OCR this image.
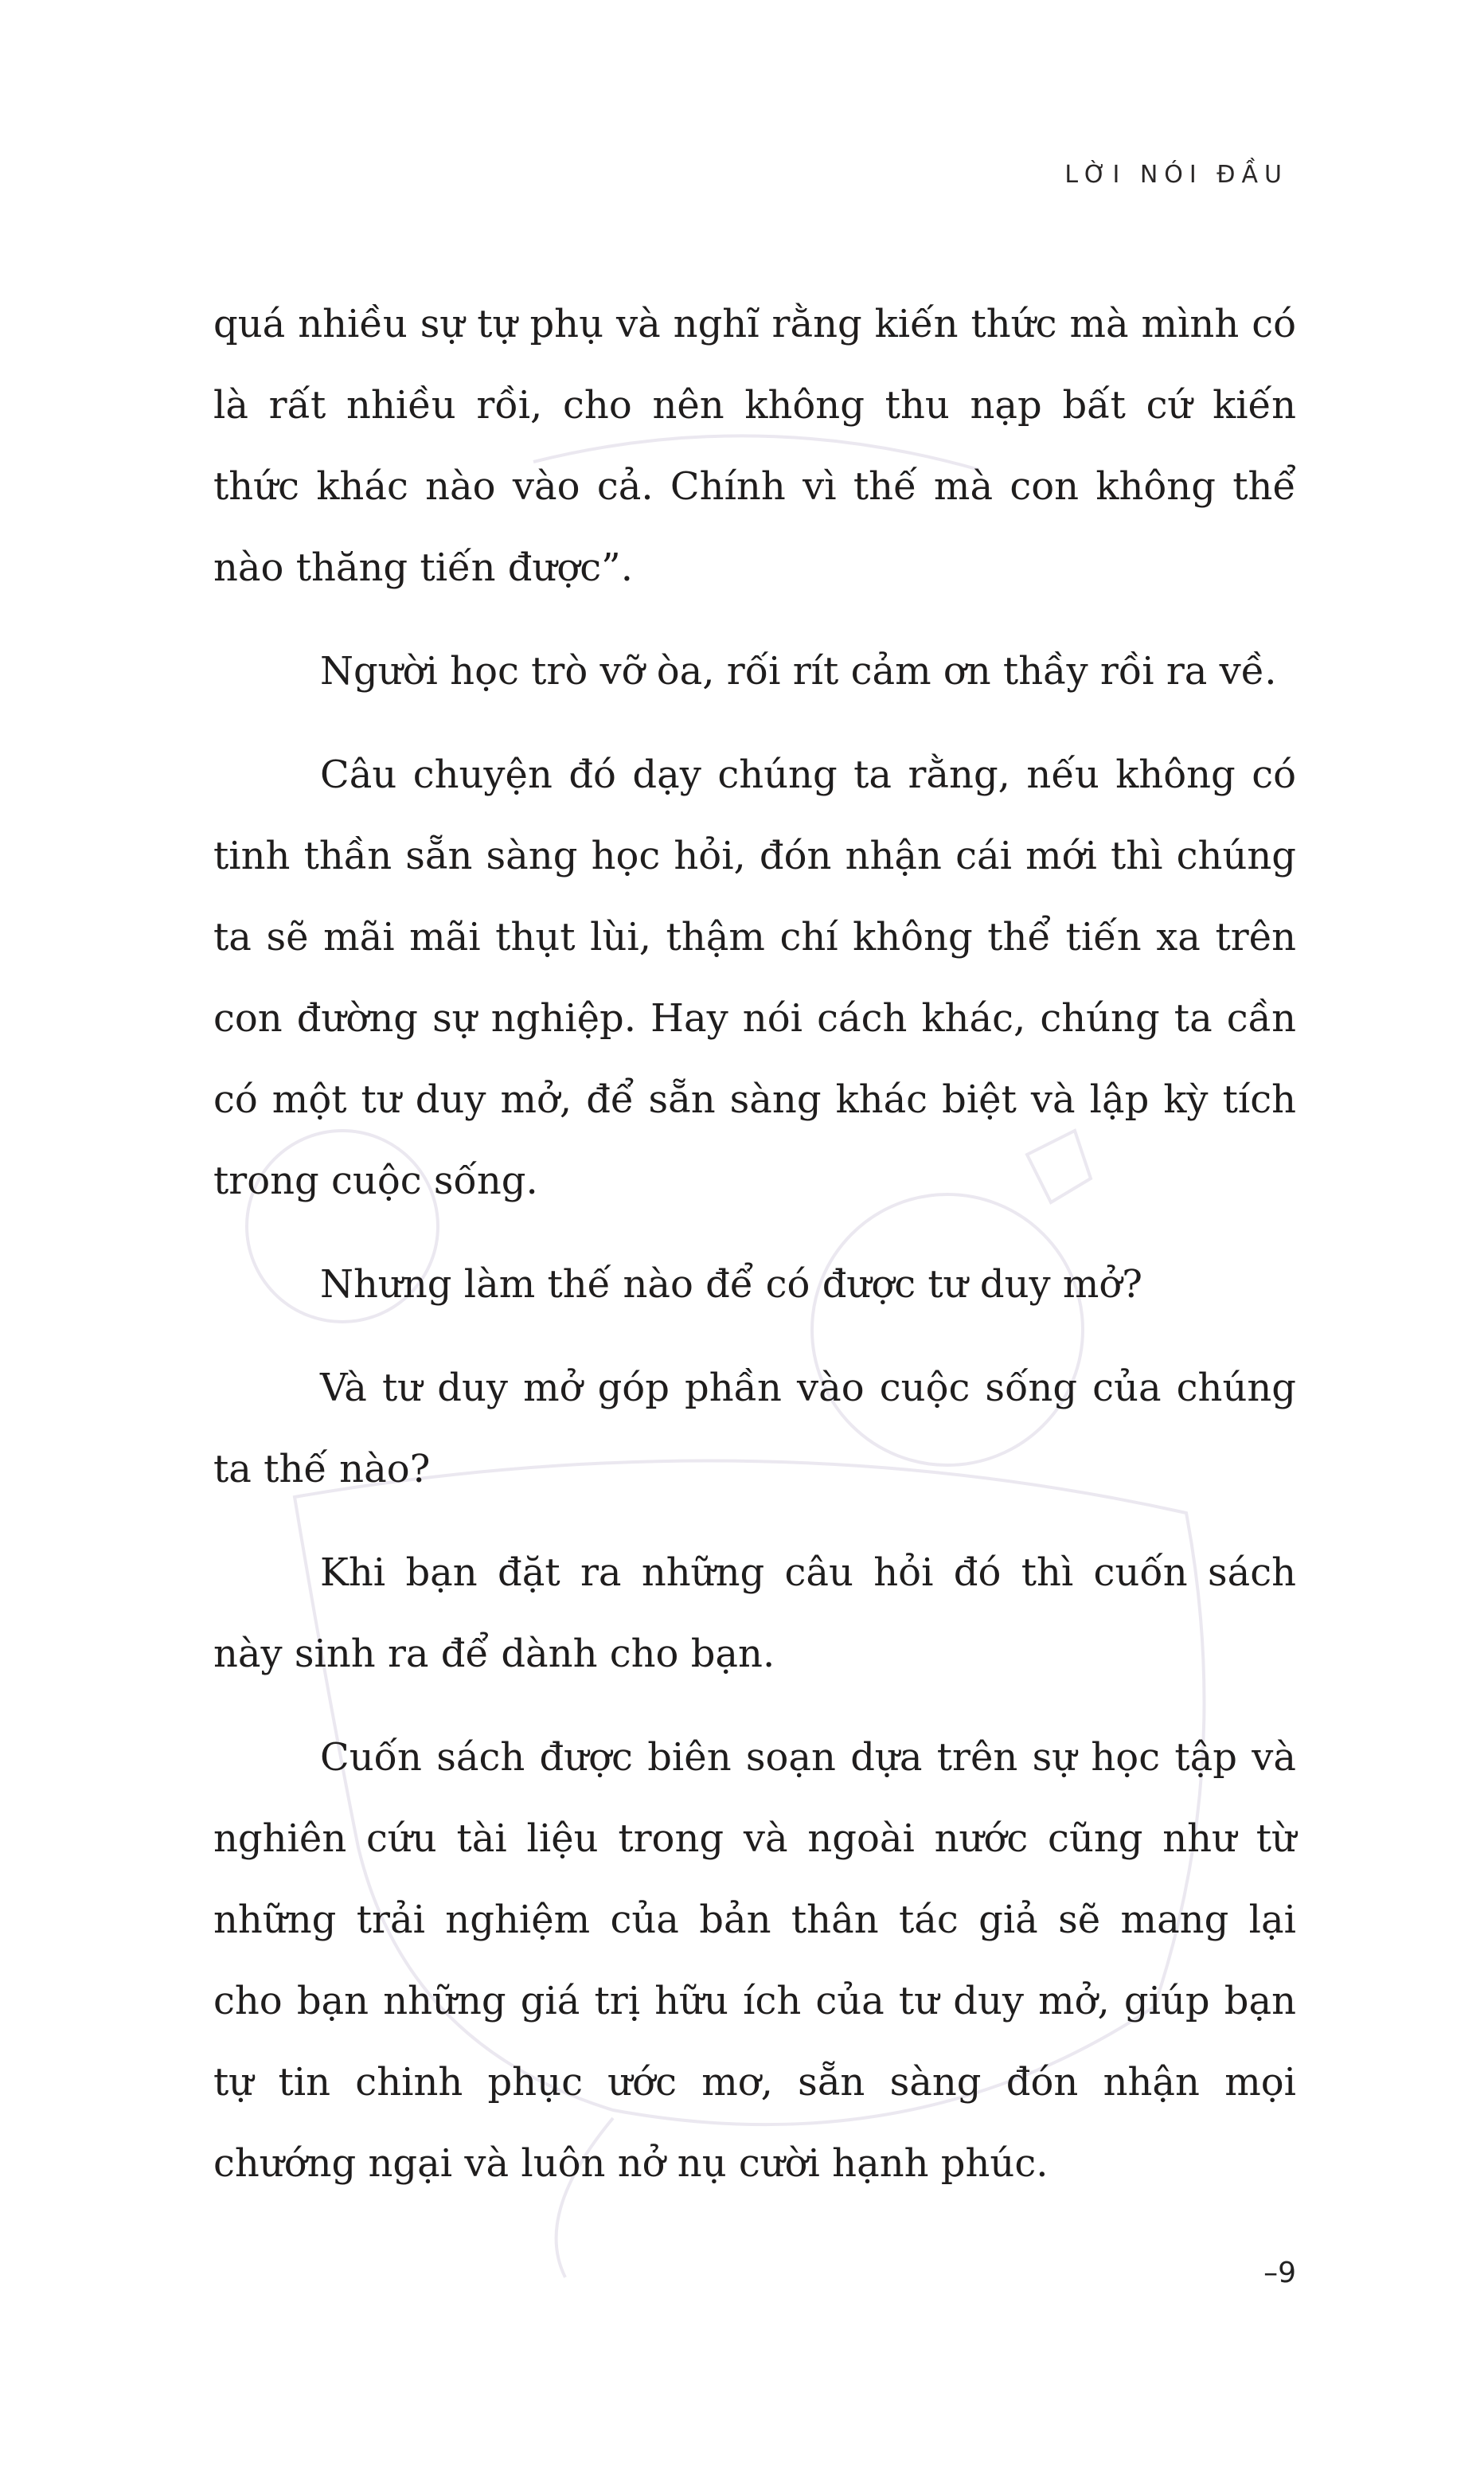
LỜI NÓI ĐẦU

quá nhiều sự tự phụ và nghĩ rằng kiến thức mà mình có là rất nhiều rồi, cho nên không thu nạp bất cứ kiến thức khác nào vào cả. Chính vì thế mà con không thể nào thăng tiến được”.

Người học trò vỡ òa, rối rít cảm ơn thầy rồi ra về.

Câu chuyện đó dạy chúng ta rằng, nếu không có tinh thần sẵn sàng học hỏi, đón nhận cái mới thì chúng ta sẽ mãi mãi thụt lùi, thậm chí không thể tiến xa trên con đường sự nghiệp. Hay nói cách khác, chúng ta cần có một tư duy mở, để sẵn sàng khác biệt và lập kỳ tích trong cuộc sống.

Nhưng làm thế nào để có được tư duy mở?

Và tư duy mở góp phần vào cuộc sống của chúng ta thế nào?

Khi bạn đặt ra những câu hỏi đó thì cuốn sách này sinh ra để dành cho bạn.

Cuốn sách được biên soạn dựa trên sự học tập và nghiên cứu tài liệu trong và ngoài nước cũng như từ những trải nghiệm của bản thân tác giả sẽ mang lại cho bạn những giá trị hữu ích của tư duy mở, giúp bạn tự tin chinh phục ước mơ, sẵn sàng đón nhận mọi chướng ngại và luôn nở nụ cười hạnh phúc.

–9
